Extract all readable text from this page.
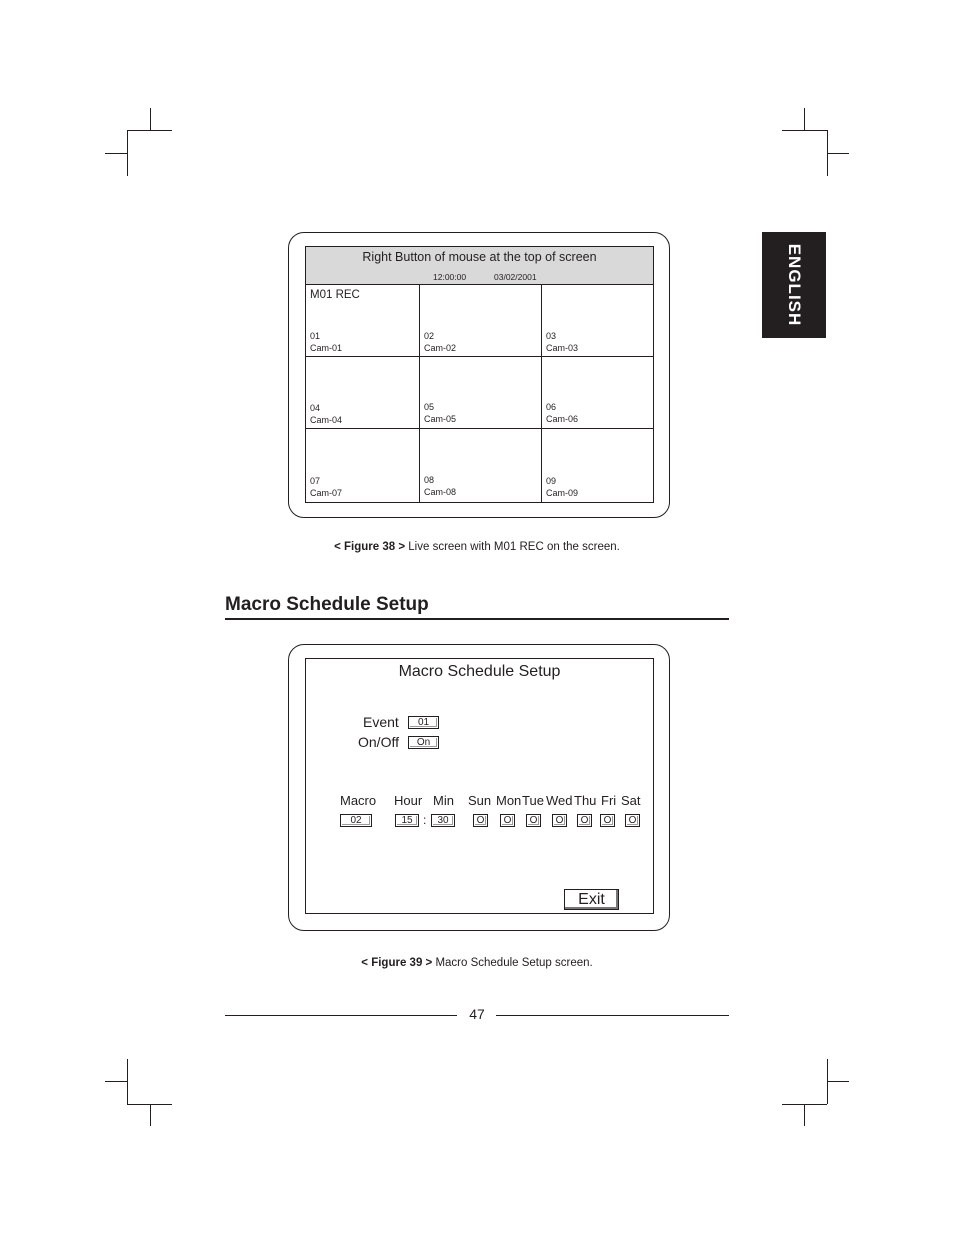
ENGLISH
Right Button of mouse at the top of screen
12:00:00	03/02/2001
M01 REC
01
Cam-01
02
Cam-02
03
Cam-03
04
Cam-04
05
Cam-05
06
Cam-06
07
Cam-07
08
Cam-08
09
Cam-09
< Figure 38 > Live screen with M01 REC on the screen.
Macro Schedule Setup
Macro Schedule Setup
Event	01
On/Off	On
Macro Hour Min Sun Mon Tue Wed Thu Fri Sat
02	15 :	30	O	O	O	O	O	O	O
Exit
< Figure 39 > Macro Schedule Setup screen.
47
